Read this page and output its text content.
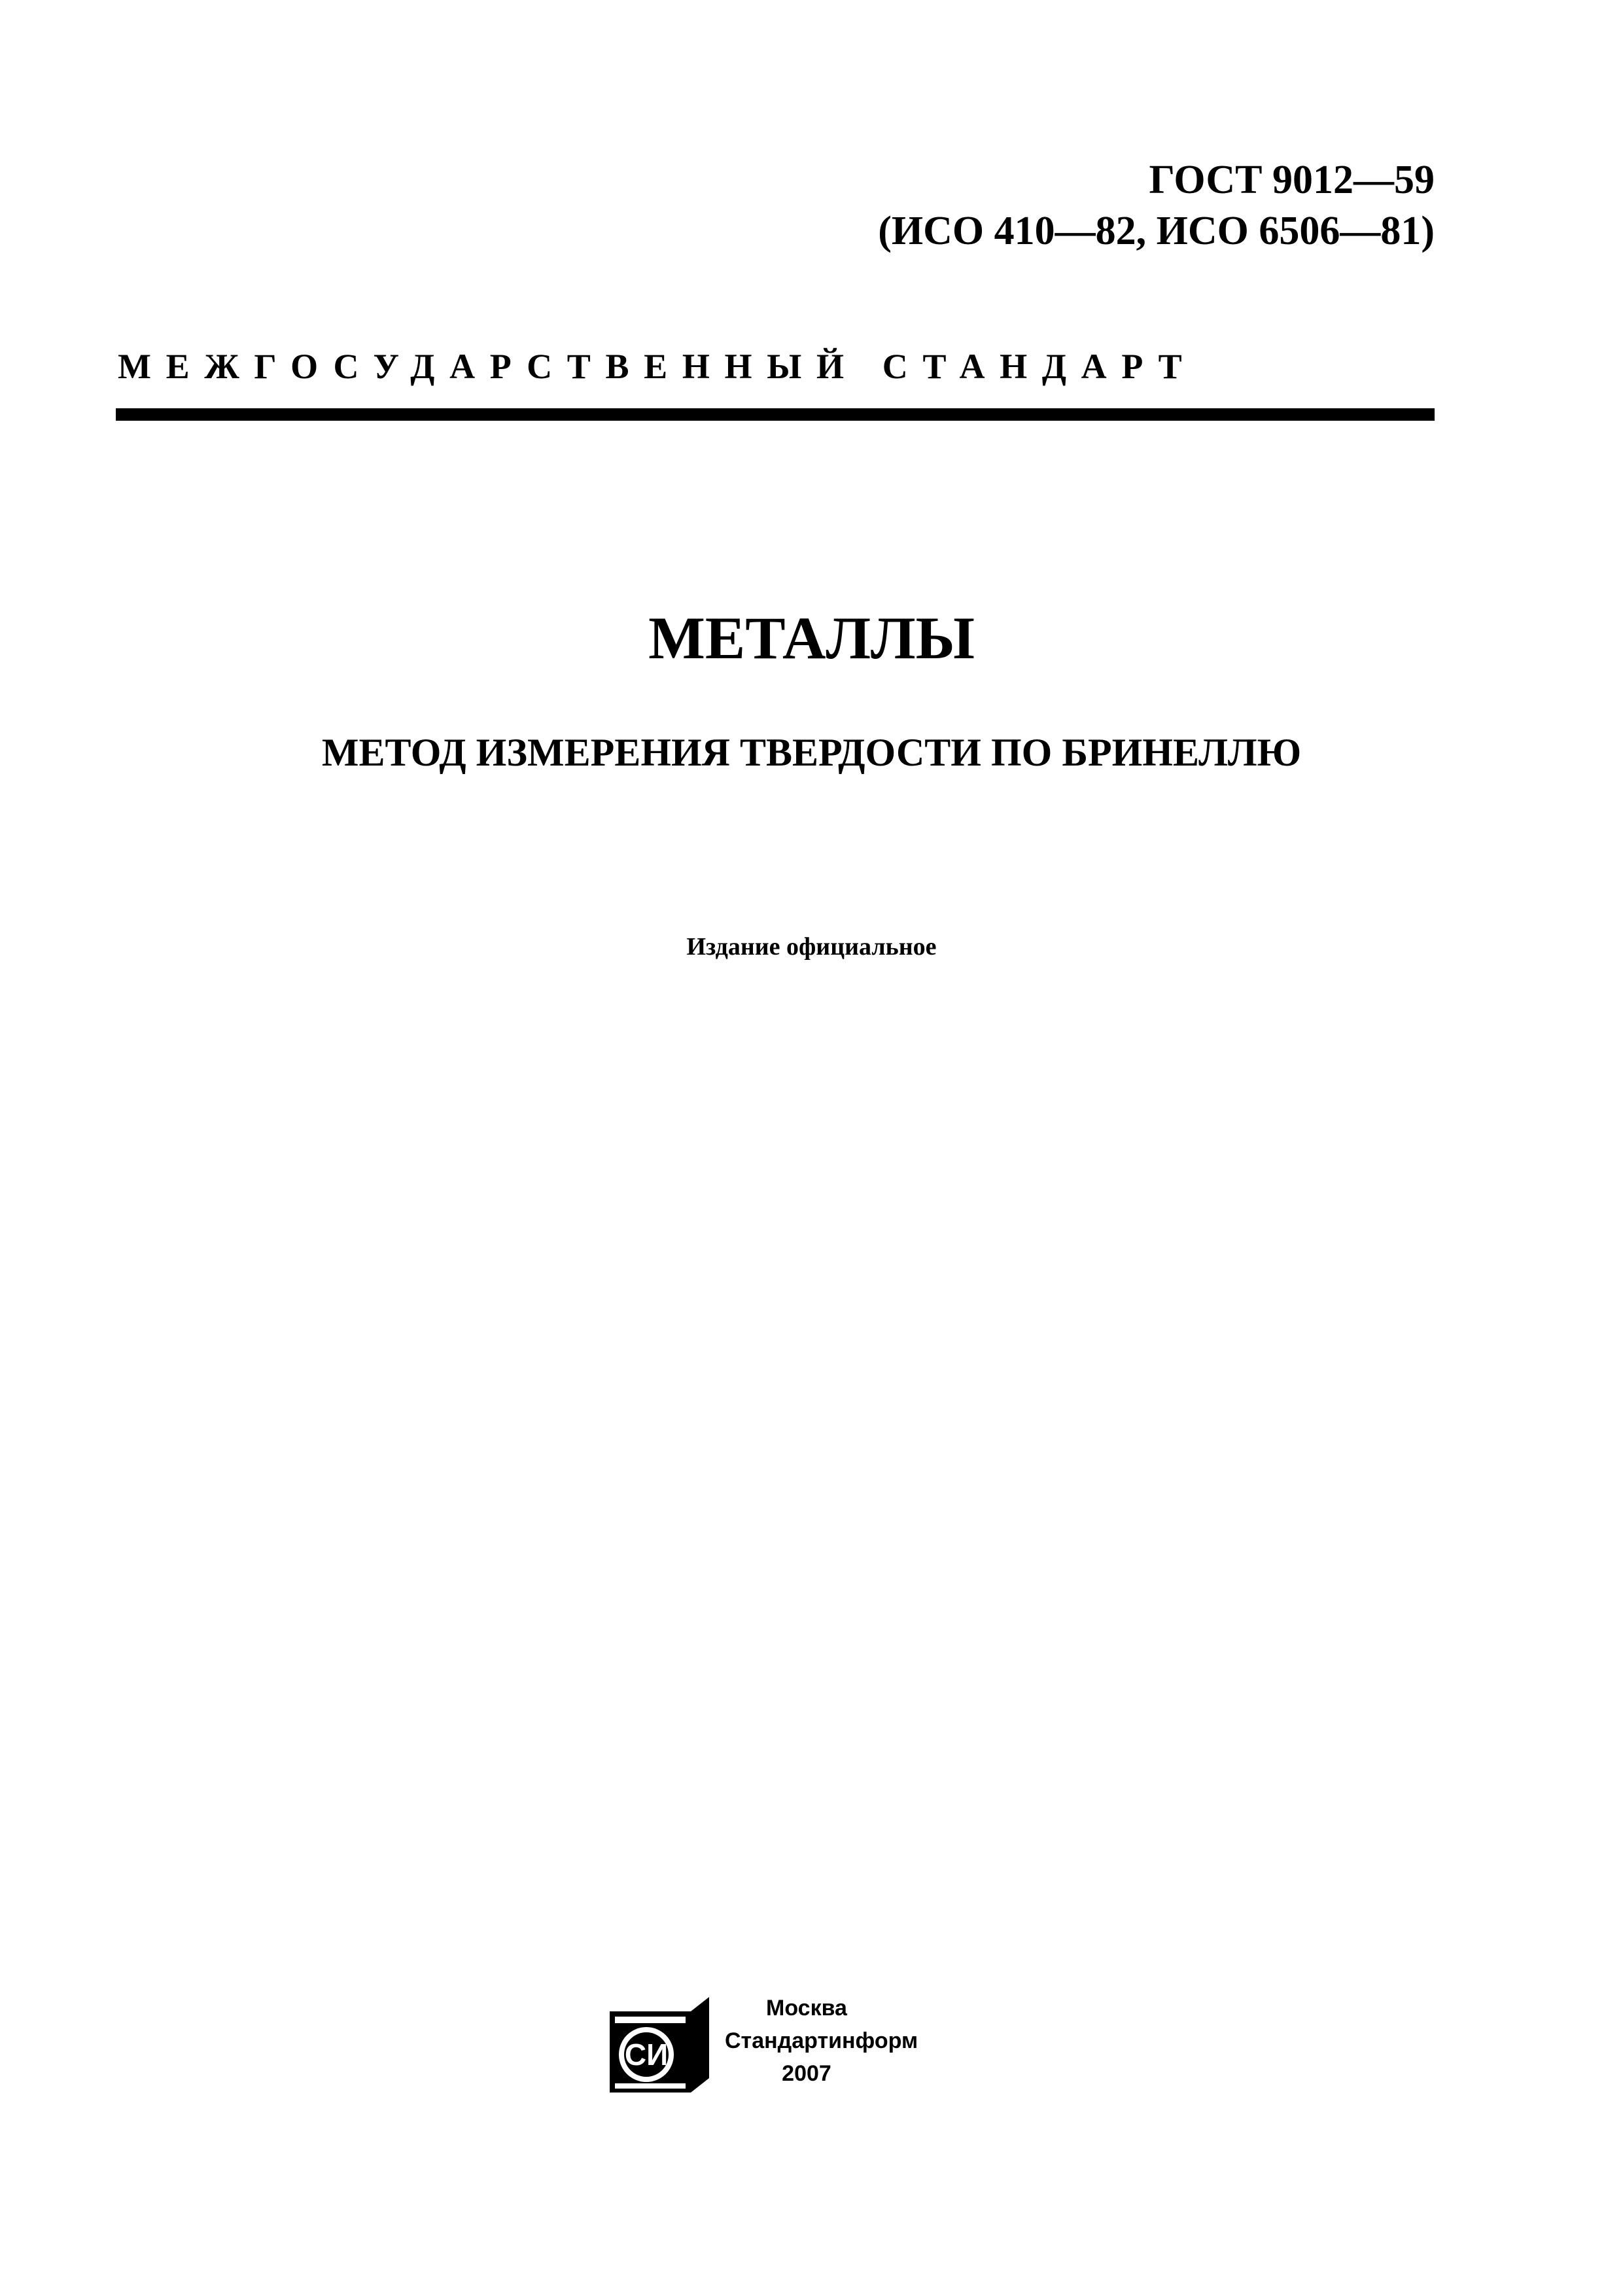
ГОСТ 9012—59
(ИСО 410—82, ИСО 6506—81)
МЕЖГОСУДАРСТВЕННЫЙ СТАНДАРТ
МЕТАЛЛЫ
МЕТОД ИЗМЕРЕНИЯ ТВЕРДОСТИ ПО БРИНЕЛЛЮ
Издание официальное
СИ
Москва
Стандартинформ
2007
